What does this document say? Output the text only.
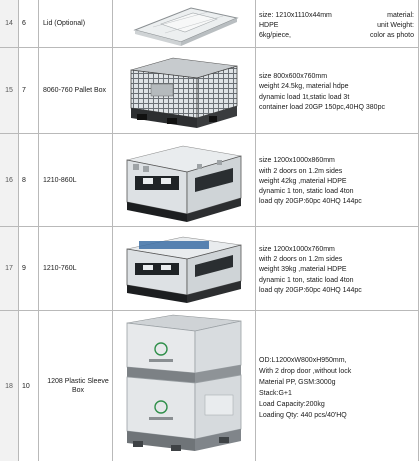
14	6	Lid (Optional)
size: 1210x1110x44mm	material:
HDPE	unit Weight:
6kg/piece,	color as photo
15	7	8060-760 Pallet Box
size 800x600x760mm
weight 24.5kg, material hdpe
dynamic load 1t,static load 3t
container load 20GP 150pc,40HQ 380pc
16	8	1210-860L
size 1200x1000x860mm
with 2 doors on 1.2m sides
weight 42kg ,material HDPE
dynamic 1 ton, static load 4ton
load qty 20GP:60pc 40HQ 144pc
17	9	1210-760L
size 1200x1000x760mm
with 2 doors on 1.2m sides
weight 39kg ,material HDPE
dynamic 1 ton, static load 4ton
load qty 20GP:60pc 40HQ 144pc
18	10
1208 Plastic Sleeve Box
OD:L1200xW800xH950mm,
With 2 drop door ,without lock
Material PP, GSM:3000g
Stack:G+1
Load Capacity:200kg
Loading Qty: 440 pcs/40'HQ
